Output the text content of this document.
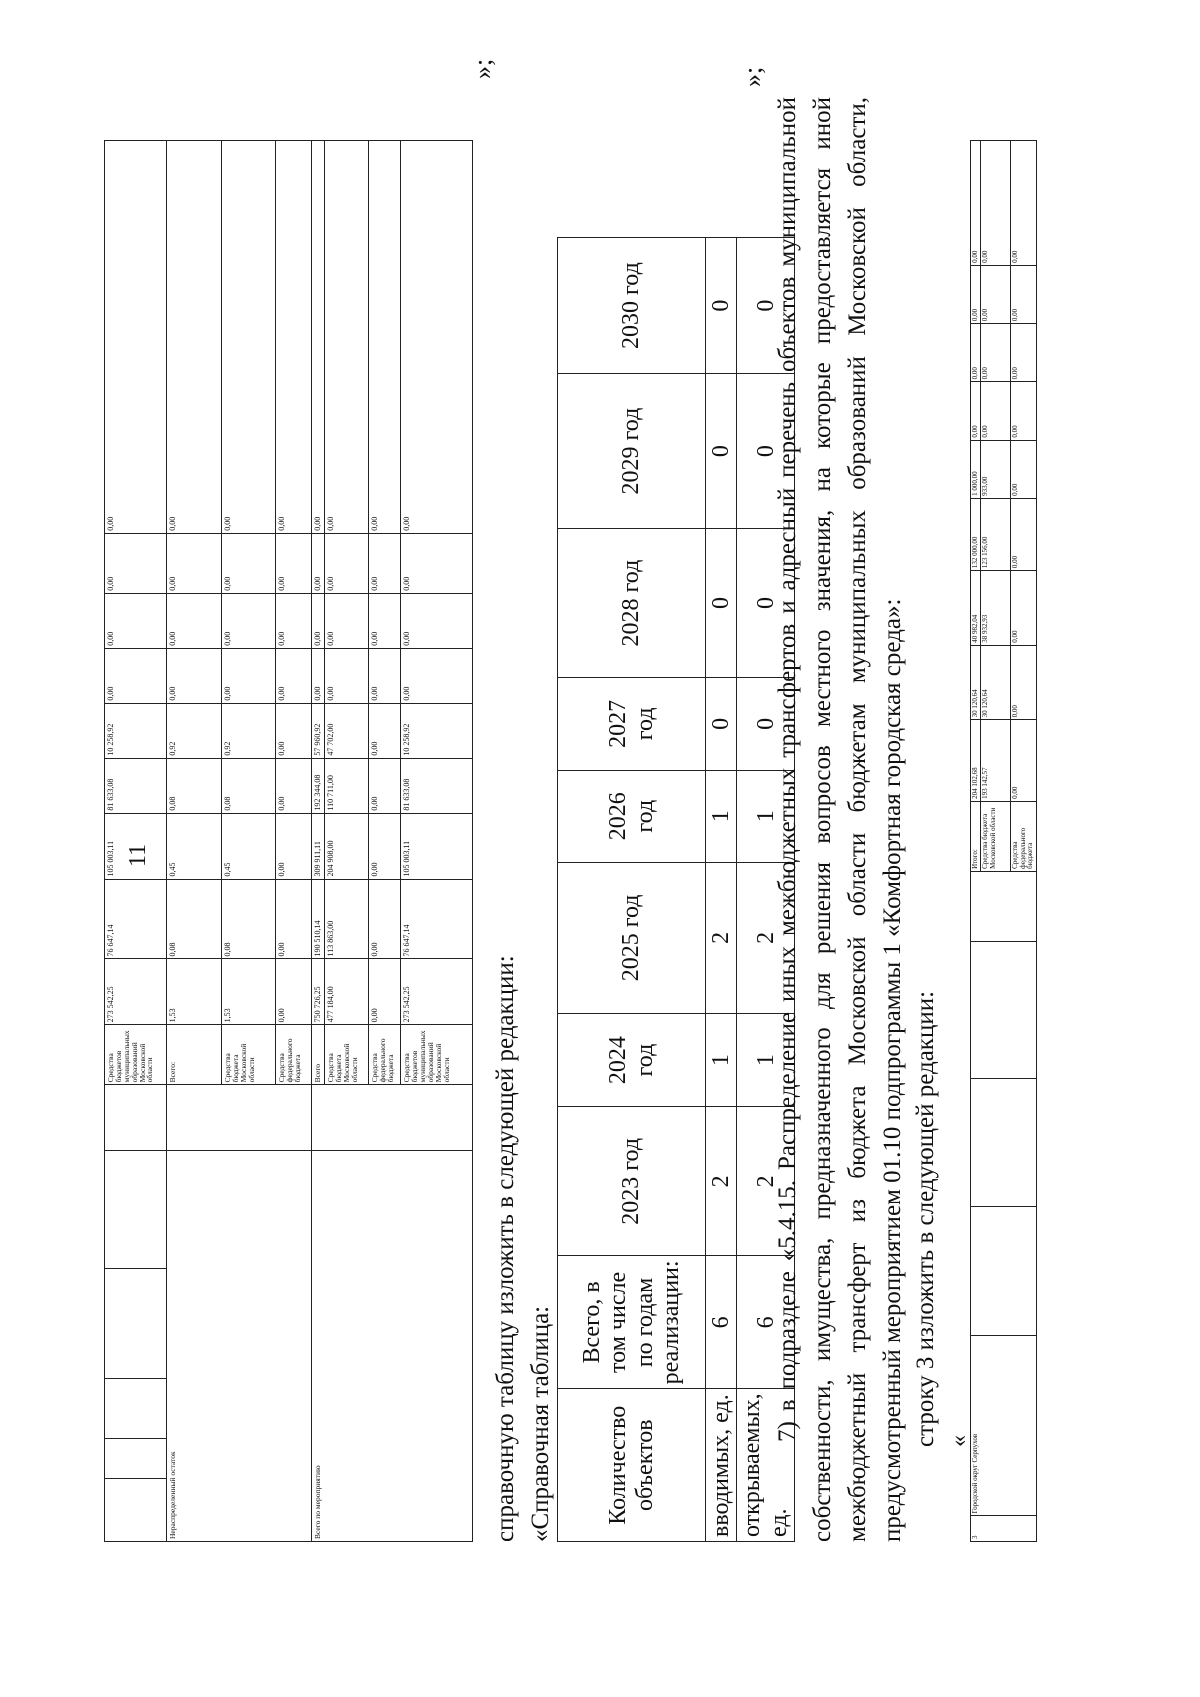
11
						Средства бюджетов муниципальных образований Московской области	273 542,25	76 647,14	105 003,11	81 633,08	10 258,92	0,00	0,00	0,00	0,00
Нераспределенный остаток						Всего:	1,53	0,08	0,45	0,08	0,92	0,00	0,00	0,00	0,00
						Средства бюджета Московской области	1,53	0,08	0,45	0,08	0,92	0,00	0,00	0,00	0,00
						Средства федерального бюджета	0,00	0,00	0,00	0,00	0,00	0,00	0,00	0,00	0,00
Всего по мероприятию						Всего	750 726,25	190 510,14	309 911,11	192 344,08	57 960,92	0,00	0,00	0,00	0,00
						Средства бюджета Московской области	477 184,00	113 863,00	204 908,00	110 711,00	47 702,00	0,00	0,00	0,00	0,00
						Средства федерального бюджета	0,00	0,00	0,00	0,00	0,00	0,00	0,00	0,00	0,00
						Средства бюджетов муниципальных образований Московской области	273 542,25	76 647,14	105 003,11	81 633,08	10 258,92	0,00	0,00	0,00	0,00
»;
справочную таблицу изложить в следующей редакции: «Справочная таблица: Количество объектов	Всего, в том числе по годам реализации:	2023 год	2024 год	2025 год	2026 год	2027 год	2028 год	2029 год	2030 год
вводимых, ед.	6	2	1	2	1	0	0	0	0
открываемых, ед.	6	2	1	2	1	0	0	0	0
»;
7) в подразделе «5.4.15. Распределение иных межбюджетных трансфертов и адресный перечень объектов муниципальной собственности, имущества, предназначенного для решения вопросов местного значения, на которые предоставляется иной межбюджетный трансферт из бюджета Московской области бюджетам муниципальных образований Московской области, предусмотренный мероприятием 01.10 подпрограммы 1 «Комфортная городская среда»: строку 3 изложить в следующей редакции: «
3	Городской округ Серпухов					Итого:	204 102,68	30 120,64	40 982,04	132 000,00	1 000,00	0,00	0,00	0,00	0,00
						Средства бюджета Московской области	193 142,57	30 120,64	38 932,93	123 156,00	933,00	0,00	0,00	0,00	0,00
						Средства федерального бюджета	0,00	0,00	0,00	0,00	0,00	0,00	0,00	0,00	0,00
